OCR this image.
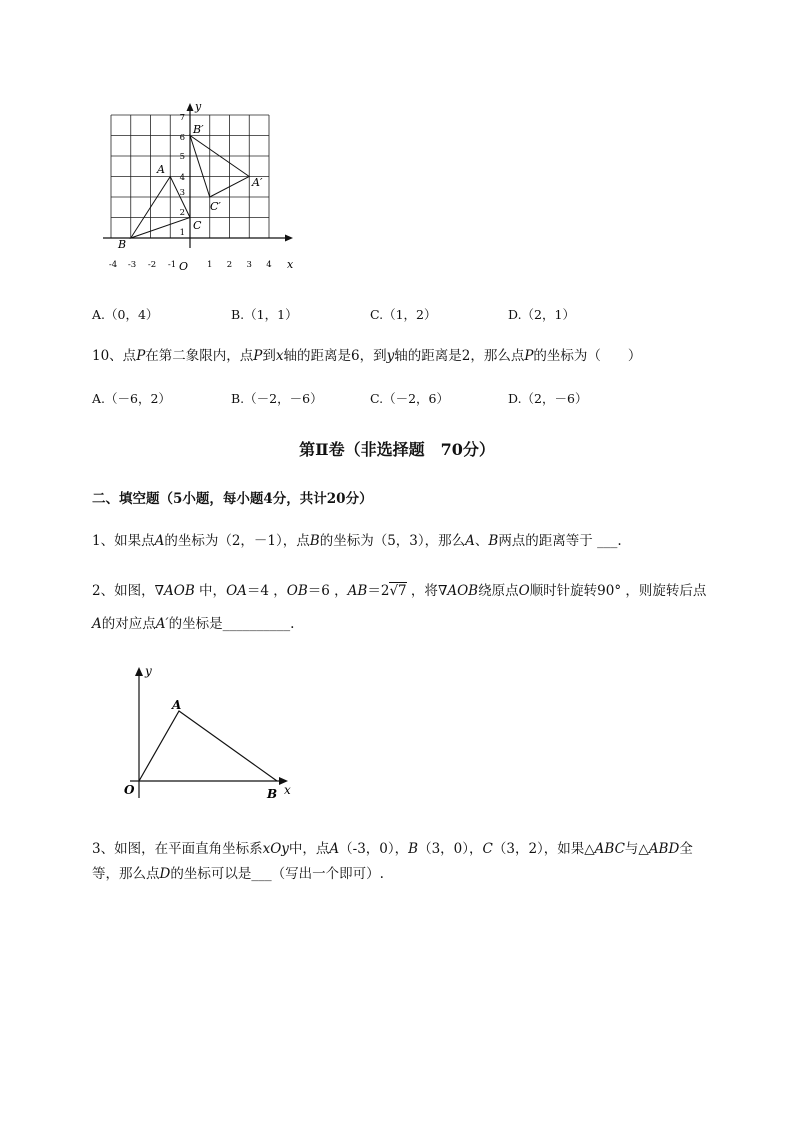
x
y
O
-4 -3 -2 -1	1 2 3 4
1
2
3
4
5
6
7
A
B
C
A′
B′
C′
A.（0，4）	B.（1，1）	C.（1，2）	D.（2，1）
10、点P在第二象限内，点P到x轴的距离是6，到y轴的距离是2，那么点P的坐标为（　　）
A.（－6，2）	B.（－2，－6）	C.（－2，6）	D.（2，－6）
第Ⅱ卷（非选择题　70分）
二、填空题（5小题，每小题4分，共计20分）
1、如果点A的坐标为（2，－1），点B的坐标为（5，3），那么A、B两点的距离等于 ___.
2、如图，∇AOB 中，OA＝4 ，OB＝6 ，AB＝2√7 ，将∇AOB绕原点O顺时针旋转90° ，则旋转后点
A的对应点A′的坐标是__________.
x
y
O
A
B
3、如图，在平面直角坐标系xOy中，点A（-3，0），B（3，0），C（3，2），如果△ABC与△ABD全
等，那么点D的坐标可以是___（写出一个即可）.
